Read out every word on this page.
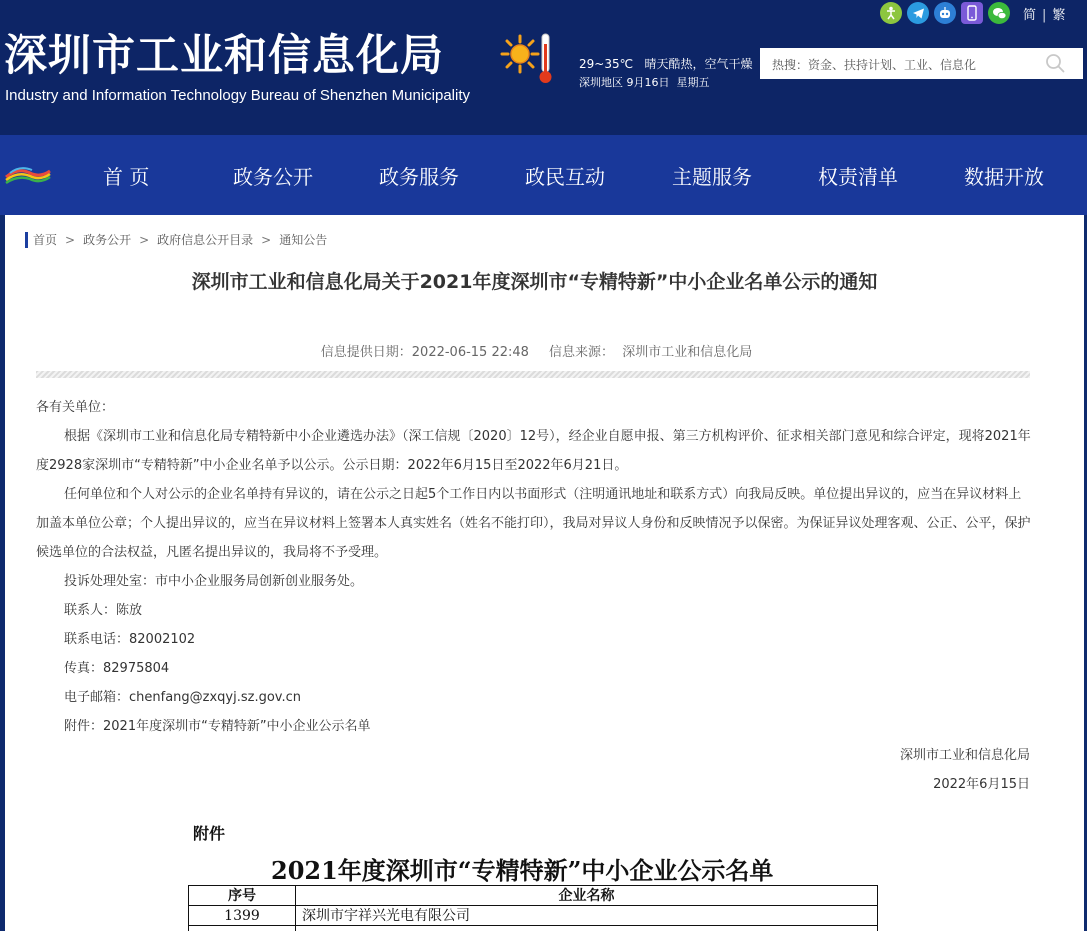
深圳市工业和信息化局
Industry and Information Technology Bureau of Shenzhen Municipality
29~35℃ 晴天酷热，空气干燥
深圳地区 9月16日 星期五
简 | 繁
热搜：资金、扶持计划、工业、信息化
首 页	政务公开	政务服务	政民互动	主题服务	权责清单	数据开放
首页 > 政务公开 > 政府信息公开目录 > 通知公告
深圳市工业和信息化局关于2021年度深圳市“专精特新”中小企业名单公示的通知
信息提供日期：2022-06-15 22:48 信息来源： 深圳市工业和信息化局

各有关单位：

根据《深圳市工业和信息化局专精特新中小企业遴选办法》（深工信规〔2020〕12号），经企业自愿申报、第三方机构评价、征求相关部门意见和综合评定，现将2021年度2928家深圳市“专精特新”中小企业名单予以公示。公示日期：2022年6月15日至2022年6月21日。

任何单位和个人对公示的企业名单持有异议的，请在公示之日起5个工作日内以书面形式（注明通讯地址和联系方式）向我局反映。单位提出异议的，应当在异议材料上加盖本单位公章；个人提出异议的，应当在异议材料上签署本人真实姓名（姓名不能打印），我局对异议人身份和反映情况予以保密。为保证异议处理客观、公正、公平，保护候选单位的合法权益，凡匿名提出异议的，我局将不予受理。

投诉处理处室：市中小企业服务局创新创业服务处。

联系人：陈放

联系电话：82002102

传真：82975804

电子邮箱：chenfang@zxqyj.sz.gov.cn

附件：2021年度深圳市“专精特新”中小企业公示名单

深圳市工业和信息化局

2022年6月15日

附件
2021年度深圳市“专精特新”中小企业公示名单
序号	企业名称
1399	深圳市宇祥兴光电有限公司
